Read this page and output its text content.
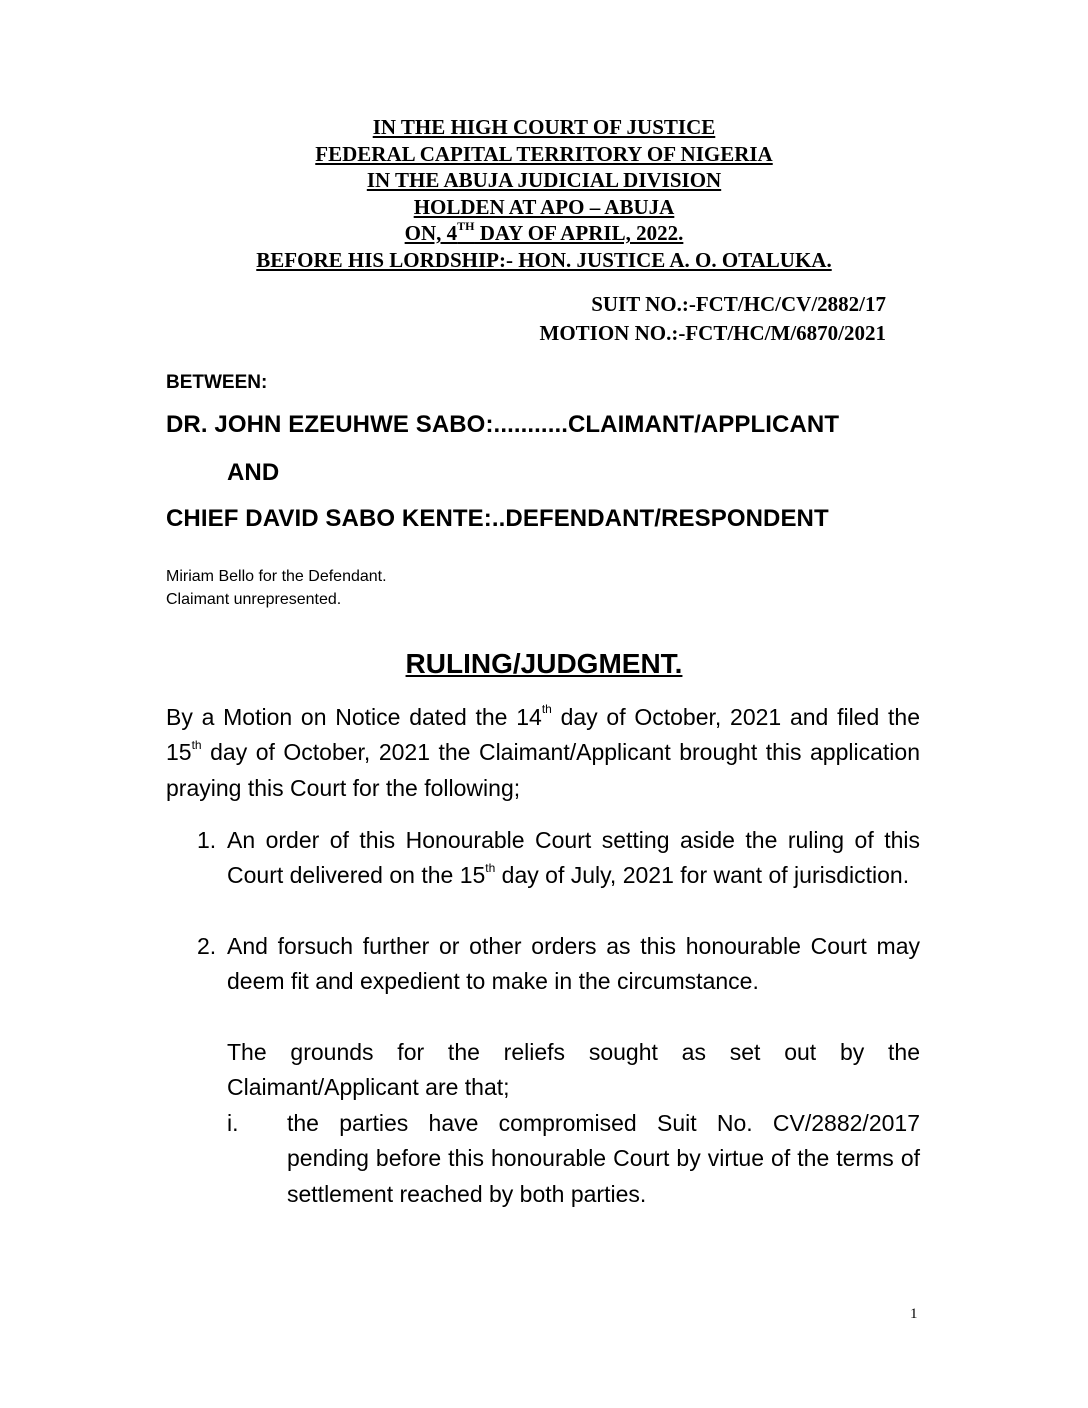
IN THE HIGH COURT OF JUSTICE
FEDERAL CAPITAL TERRITORY OF NIGERIA
IN THE ABUJA JUDICIAL DIVISION
HOLDEN AT APO – ABUJA
ON, 4TH DAY OF APRIL, 2022.
BEFORE HIS LORDSHIP:- HON. JUSTICE A. O. OTALUKA.
SUIT NO.:-FCT/HC/CV/2882/17
MOTION NO.:-FCT/HC/M/6870/2021
BETWEEN:
DR. JOHN EZEUHWE SABO:...........CLAIMANT/APPLICANT
AND
CHIEF DAVID SABO KENTE:..DEFENDANT/RESPONDENT
Miriam Bello for the Defendant.
Claimant unrepresented.
RULING/JUDGMENT.
By a Motion on Notice dated the 14th day of October, 2021 and filed the 15th day of October, 2021 the Claimant/Applicant brought this application praying this Court for the following;
1. An order of this Honourable Court setting aside the ruling of this Court delivered on the 15th day of July, 2021 for want of jurisdiction.
2. And forsuch further or other orders as this honourable Court may deem fit and expedient to make in the circumstance.
The grounds for the reliefs sought as set out by the Claimant/Applicant are that;
i. the parties have compromised Suit No. CV/2882/2017 pending before this honourable Court by virtue of the terms of settlement reached by both parties.
1
